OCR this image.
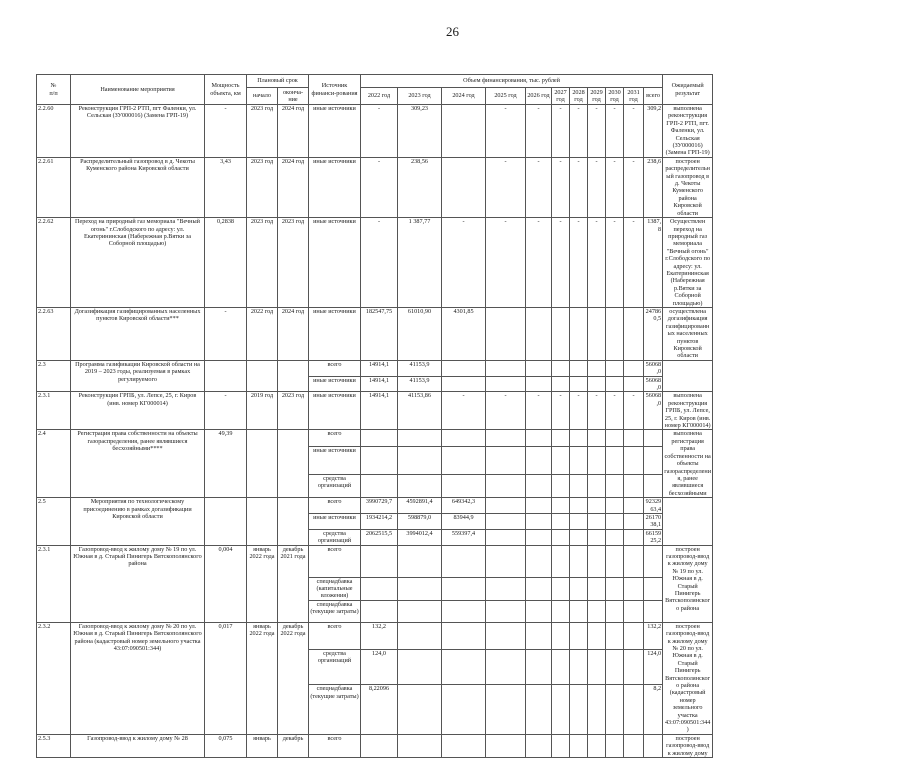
26
№
п/п	Наименование мероприятия	Мощность объекта, км	Плановый срок		Источник финанси-рования	Объем финансирования, тыс. рублей											Ожидаемый результат
			начало	оконча-ние		2022 год	2023 год	2024 год	2025 год	2026 год	2027 год	2028 год	2029 год	2030 год	2031 год	всего	

2.2.60	Реконструкция ГРП-2 РТП, пгт Фаленки, ул. Сельская (ЗУ000016) (Замена ГРП-19)	-	2023 год	2024 год	иные источники	-	309,23		-	-	-	-	-	-	-	309,2	выполнена реконструкция ГРП-2 РТП, пгт. Фаленки, ул. Сельская (ЗУ000016) (Замена ГРП-19)
2.2.61	Распределительный газопровод в д. Чекоты Куменского района Кировской области	3,43	2023 год	2024 год	иные источники	-	238,56		-	-	-	-	-	-	-	238,6	построен распределительный газопровод в д. Чекоты Куменского района Кировской области
2.2.62	Переход на природный газ мемориала "Вечный огонь" г.Слободского по адресу: ул. Екатерининская (Набережная р.Вятки за Соборной площадью)	0,2838	2023 год	2023 год	иные источники	-	1 387,77	-	-	-	-	-	-	-	-	1387,8	Осуществлен переход на природный газ мемориала "Вечный огонь" г.Слободского по адресу: ул. Екатерининская (Набережная р.Вятки за Соборной площадью)
2.2.63	Догазификация газифицированных населенных пунктов Кировской области***	-	2022 год	2024 год	иные источники	182547,75	61010,90	4301,85								247860,5	осуществлена догазификация газифицированных населенных пунктов Кировской области
2.3	Программа газификации Кировской области на 2019 – 2023 годы, реализуемая в рамках регулируемого				всего	14914,1	41153,9									56068,0	
					иные источники	14914,1	41153,9									56068,0	
2.3.1	Реконструкция ГРПБ, ул. Лепсе, 25, г. Киров (инв. номер КГ000014)	-	2019 год	2023 год	иные источники	14914,1	41153,86	-	-	-	-	-	-	-	-	56068,0	выполнена реконструкция ГРПБ, ул. Лепсе, 25, г. Киров (инв. номер КГ000014)
2.4	Регистрация права собственности на объекты газораспределения, ранее являвшиеся бесхозяйными****	49,39			всего												выполнена регистрация права собственности на объекты газораспределения, ранее являвшиеся бесхозяйными
					иные источники												
					средства организаций												
2.5	Мероприятия по технологическому присоединению в рамках догазификации Кировской области				всего	3990729,7	4592891,4	649342,3								9232963,4	
					иные источники	1934214,2	598879,0	83944,9								2617038,1	
					средства организаций	2062515,5	3994012,4	559397,4								6615925,2	
2.3.1	Газопровод-ввод к жилому дому № 19 по ул. Южная в д. Старый Пинигерь Вятскополянского района	0,004	январь 2022 года	декабрь 2021 года	всего												построен газопровод-ввод к жилому дому № 19 по ул. Южная в д. Старый Пинигерь Вятскополянского района
					спецнадбавка (капитальные вложения)												
					спецнадбавка (текущие затраты)												
2.3.2	Газопровод-ввод к жилому дому № 20 по ул. Южная в д. Старый Пинигерь Вятскополянского района (кадастровый номер земельного участка 43:07:090501:344)	0,017	январь 2022 года	декабрь 2022 года	всего	132,2										132,2	построен газопровод-ввод к жилому дому № 20 по ул. Южная в д. Старый Пинигерь Вятскополянского района (кадастровый номер земельного участка 43:07:090501:344)
					средства организаций	124,0										124,0	
					спецнадбавка (текущие затраты)	8,22096										8,2	
2.5.3	Газопровод-ввод к жилому дому № 28	0,075	январь	декабрь	всего												построен газопровод-ввод к жилому дому
